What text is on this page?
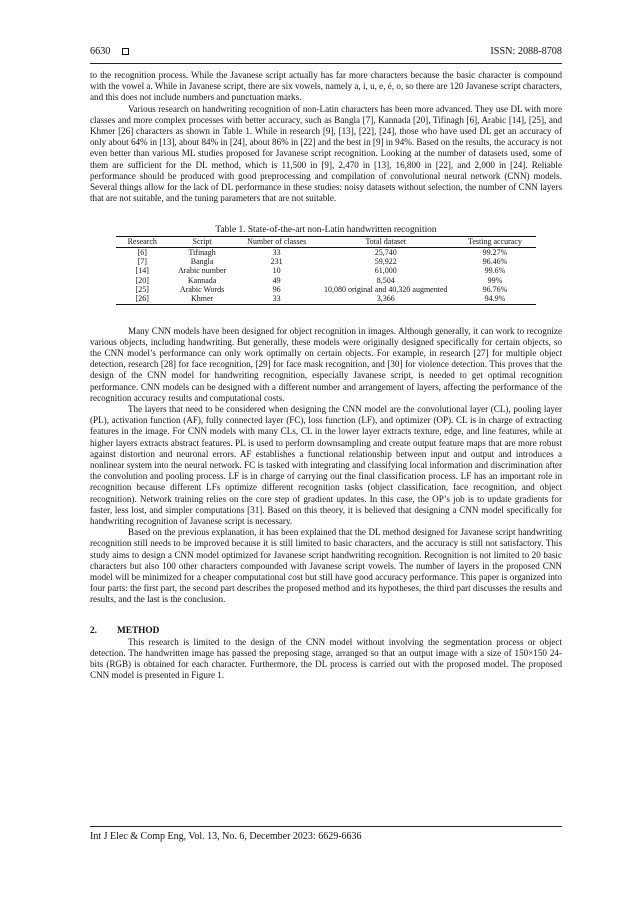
6630	ISSN: 2088-8708

to the recognition process. While the Javanese script actually has far more characters because the basic character is compound with the vowel a. While in Javanese script, there are six vowels, namely a, i, u, e, é, o, so there are 120 Javanese script characters, and this does not include numbers and punctuation marks.

Various research on handwriting recognition of non-Latin characters has been more advanced. They use DL with more classes and more complex processes with better accuracy, such as Bangla [7], Kannada [20], Tifinagh [6], Arabic [14], [25], and Khmer [26] characters as shown in Table 1. While in research [9], [13], [22], [24], those who have used DL get an accuracy of only about 64% in [13], about 84% in [24], about 86% in [22] and the best in [9] in 94%. Based on the results, the accuracy is not even better than various ML studies proposed for Javanese script recognition. Looking at the number of datasets used, some of them are sufficient for the DL method, which is 11,500 in [9], 2,470 in [13], 16,800 in [22], and 2,000 in [24]. Reliable performance should be produced with good preprocessing and compilation of convolutional neural network (CNN) models. Several things allow for the lack of DL performance in these studies: noisy datasets without selection, the number of CNN layers that are not suitable, and the tuning parameters that are not suitable.

Table 1. State-of-the-art non-Latin handwritten recognition
Research	Script	Number of classes	Total dataset	Testing accuracy
[6]	Tifinagh	33	25,740	99.27%
[7]	Bangla	231	59,922	96.46%
[14]	Arabic number	10	61,000	99.6%
[20]	Kannada	49	8,504	99%
[25]	Arabic Words	96	10,080 original and 40,320 augmented	96.76%
[26]	Khmer	33	3,366	94.9%

Many CNN models have been designed for object recognition in images. Although generally, it can work to recognize various objects, including handwriting. But generally, these models were originally designed specifically for certain objects, so the CNN model’s performance can only work optimally on certain objects. For example, in research [27] for multiple object detection, research [28] for face recognition, [29] for face mask recognition, and [30] for violence detection. This proves that the design of the CNN model for handwriting recognition, especially Javanese script, is needed to get optimal recognition performance. CNN models can be designed with a different number and arrangement of layers, affecting the performance of the recognition accuracy results and computational costs.

The layers that need to be considered when designing the CNN model are the convolutional layer (CL), pooling layer (PL), activation function (AF), fully connected layer (FC), loss function (LF), and optimizer (OP). CL is in charge of extracting features in the image. For CNN models with many CLs, CL in the lower layer extracts texture, edge, and line features, while at higher layers extracts abstract features. PL is used to perform downsampling and create output feature maps that are more robust against distortion and neuronal errors. AF establishes a functional relationship between input and output and introduces a nonlinear system into the neural network. FC is tasked with integrating and classifying local information and discrimination after the convolution and pooling process. LF is in charge of carrying out the final classification process. LF has an important role in recognition because different LFs optimize different recognition tasks (object classification, face recognition, and object recognition). Network training relies on the core step of gradient updates. In this case, the OP’s job is to update gradients for faster, less lost, and simpler computations [31]. Based on this theory, it is believed that designing a CNN model specifically for handwriting recognition of Javanese script is necessary.

Based on the previous explanation, it has been explained that the DL method designed for Javanese script handwriting recognition still needs to be improved because it is still limited to basic characters, and the accuracy is still not satisfactory. This study aims to design a CNN model optimized for Javanese script handwriting recognition. Recognition is not limited to 20 basic characters but also 100 other characters compounded with Javanese script vowels. The number of layers in the proposed CNN model will be minimized for a cheaper computational cost but still have good accuracy performance. This paper is organized into four parts: the first part, the second part describes the proposed method and its hypotheses, the third part discusses the results and results, and the last is the conclusion.

2. METHOD

This research is limited to the design of the CNN model without involving the segmentation process or object detection. The handwritten image has passed the preposing stage, arranged so that an output image with a size of 150×150 24-bits (RGB) is obtained for each character. Furthermore, the DL process is carried out with the proposed model. The proposed CNN model is presented in Figure 1.

Int J Elec & Comp Eng, Vol. 13, No. 6, December 2023: 6629-6636
